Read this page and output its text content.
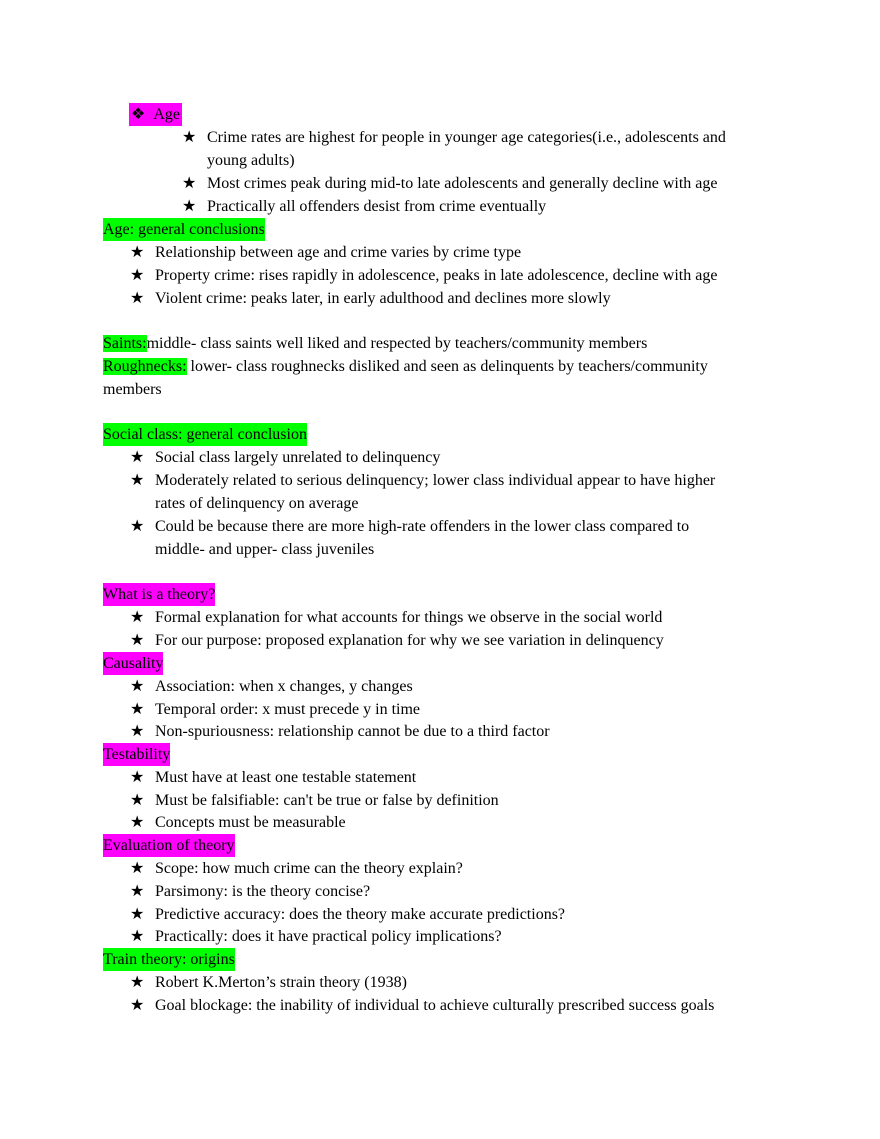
❖ Age
★ Crime rates are highest for people in younger age categories(i.e., adolescents and
young adults)
★ Most crimes peak during mid-to late adolescents and generally decline with age
★ Practically all offenders desist from crime eventually
Age: general conclusions
★ Relationship between age and crime varies by crime type
★ Property crime: rises rapidly in adolescence, peaks in late adolescence, decline with age
★ Violent crime: peaks later, in early adulthood and declines more slowly
Saints:middle- class saints well liked and respected by teachers/community members
Roughnecks: lower- class roughnecks disliked and seen as delinquents by teachers/community
members
Social class: general conclusion
★ Social class largely unrelated to delinquency
★ Moderately related to serious delinquency; lower class individual appear to have higher
rates of delinquency on average
★ Could be because there are more high-rate offenders in the lower class compared to
middle- and upper- class juveniles
What is a theory?
★ Formal explanation for what accounts for things we observe in the social world
★ For our purpose: proposed explanation for why we see variation in delinquency
Causality
★ Association: when x changes, y changes
★ Temporal order: x must precede y in time
★ Non-spuriousness: relationship cannot be due to a third factor
Testability
★ Must have at least one testable statement
★ Must be falsifiable: can't be true or false by definition
★ Concepts must be measurable
Evaluation of theory
★ Scope: how much crime can the theory explain?
★ Parsimony: is the theory concise?
★ Predictive accuracy: does the theory make accurate predictions?
★ Practically: does it have practical policy implications?
Train theory: origins
★ Robert K.Merton’s strain theory (1938)
★ Goal blockage: the inability of individual to achieve culturally prescribed success goals
